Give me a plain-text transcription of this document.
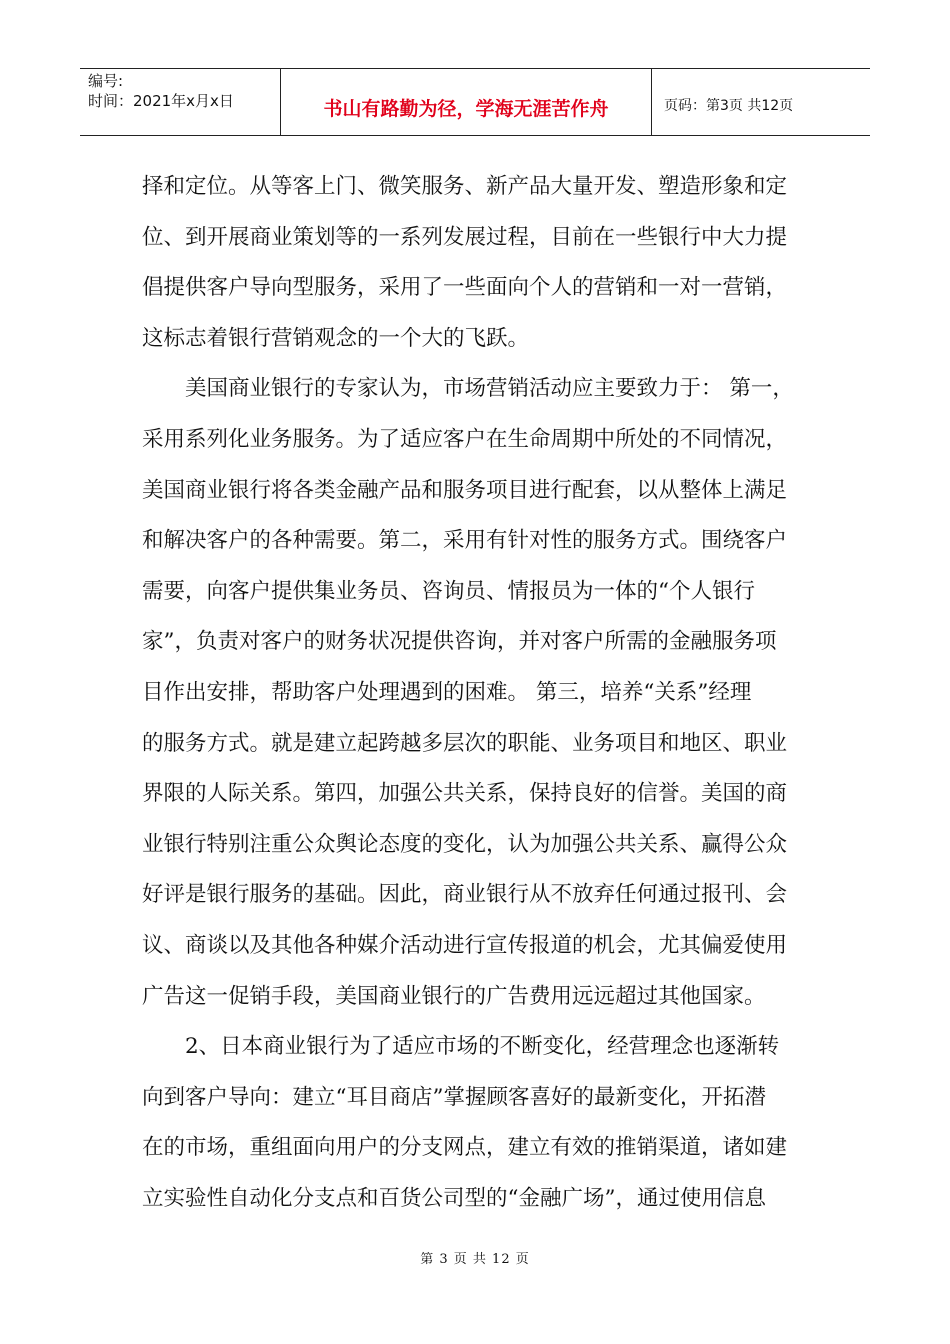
编号:
时间：2021年x月x日	书山有路勤为径，学海无涯苦作舟	页码：第3页 共12页
择和定位。从等客上门、微笑服务、新产品大量开发、塑造形象和定
位、到开展商业策划等的一系列发展过程，目前在一些银行中大力提
倡提供客户导向型服务，采用了一些面向个人的营销和一对一营销，
这标志着银行营销观念的一个大的飞跃。
美国商业银行的专家认为，市场营销活动应主要致力于： 第一，
采用系列化业务服务。为了适应客户在生命周期中所处的不同情况，
美国商业银行将各类金融产品和服务项目进行配套，以从整体上满足
和解决客户的各种需要。第二，采用有针对性的服务方式。围绕客户
需要，向客户提供集业务员、咨询员、情报员为一体的“个人银行
家”，负责对客户的财务状况提供咨询，并对客户所需的金融服务项
目作出安排，帮助客户处理遇到的困难。 第三，培养“关系”经理
的服务方式。就是建立起跨越多层次的职能、业务项目和地区、职业
界限的人际关系。第四，加强公共关系，保持良好的信誉。美国的商
业银行特别注重公众舆论态度的变化，认为加强公共关系、赢得公众
好评是银行服务的基础。因此，商业银行从不放弃任何通过报刊、会
议、商谈以及其他各种媒介活动进行宣传报道的机会，尤其偏爱使用
广告这一促销手段，美国商业银行的广告费用远远超过其他国家。
2、日本商业银行为了适应市场的不断变化，经营理念也逐渐转
向到客户导向：建立“耳目商店”掌握顾客喜好的最新变化，开拓潜
在的市场，重组面向用户的分支网点，建立有效的推销渠道，诸如建
立实验性自动化分支点和百货公司型的“金融广场”，通过使用信息
第 3 页 共 12 页
